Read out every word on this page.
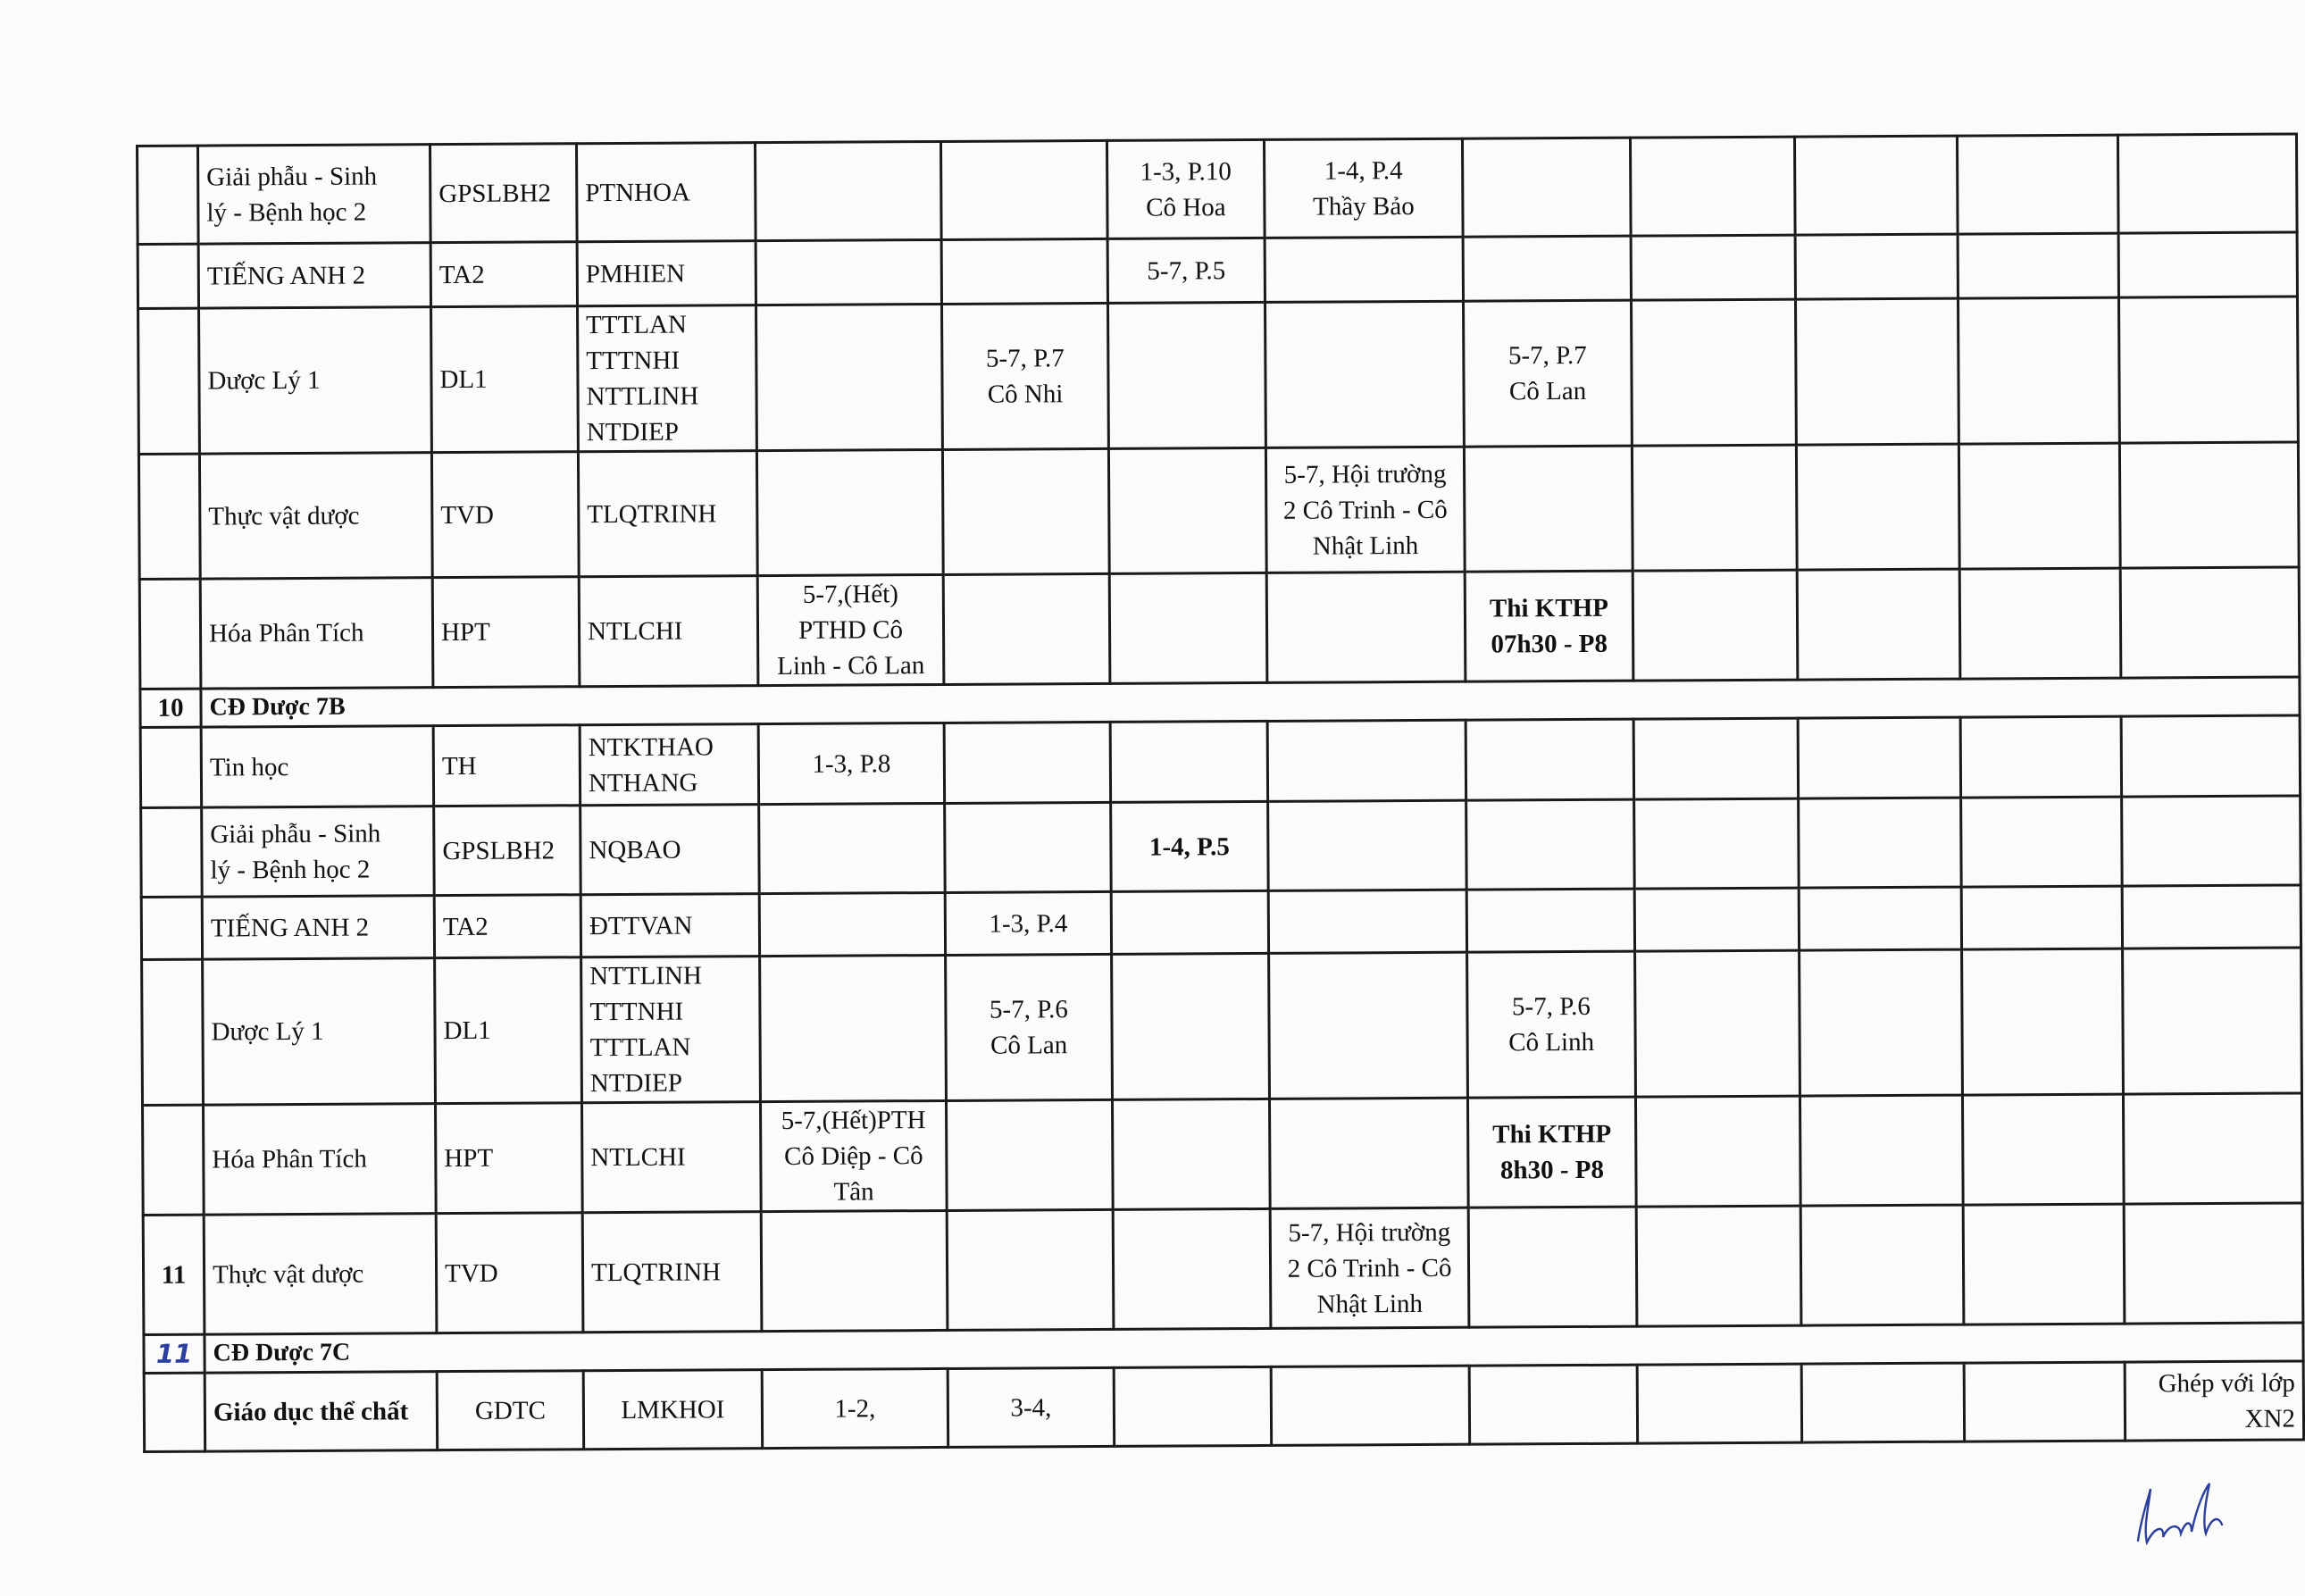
	Giải phẫu - Sinh
lý - Bệnh học 2	GPSLBH2	PTNHOA			1-3, P.10
Cô Hoa	1-4, P.4
Thầy Bảo					

	TIẾNG ANH 2	TA2	PMHIEN			5-7, P.5						

	Dược Lý 1	DL1	TTTLAN
TTTNHI
NTTLINH
NTDIEP		5-7, P.7
Cô Nhi			5-7, P.7
Cô Lan				

	Thực vật dược	TVD	TLQTRINH				5-7, Hội trường
2 Cô Trinh - Cô
Nhật Linh					

	Hóa Phân Tích	HPT	NTLCHI	5-7,(Hết)
PTHD Cô
Linh - Cô Lan				Thi KTHP
07h30 - P8				

10	CĐ Dược 7B											

	Tin học	TH	NTKTHAO
NTHANG	1-3, P.8								

	Giải phẫu - Sinh
lý - Bệnh học 2	GPSLBH2	NQBAO			1-4, P.5						

	TIẾNG ANH 2	TA2	ĐTTVAN		1-3, P.4							

	Dược Lý 1	DL1	NTTLINH
TTTNHI
TTTLAN
NTDIEP		5-7, P.6
Cô Lan			5-7, P.6
Cô Linh				

	Hóa Phân Tích	HPT	NTLCHI	5-7,(Hết)PTH
Cô Diệp - Cô
Tân				Thi KTHP
8h30 - P8				

11	Thực vật dược	TVD	TLQTRINH				5-7, Hội trường
2 Cô Trinh - Cô
Nhật Linh					

11	CĐ Dược 7C											

	Giáo dục thể chất	GDTC	LMKHOI	1-2,	3-4,							Ghép với lớp XN2
